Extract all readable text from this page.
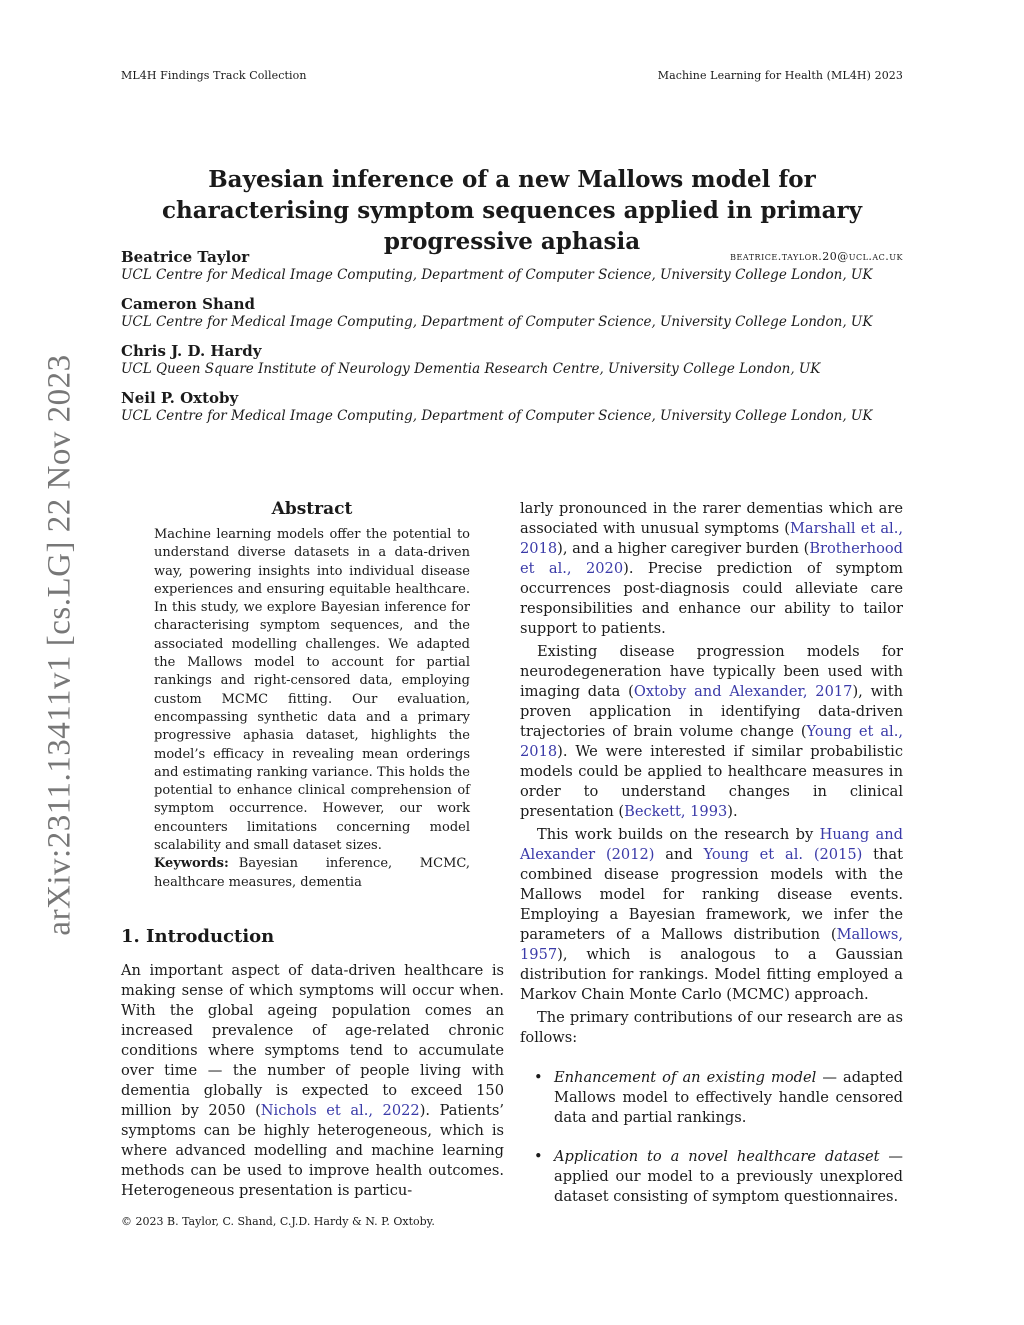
ML4H Findings Track Collection	Machine Learning for Health (ML4H) 2023
arXiv:2311.13411v1 [cs.LG] 22 Nov 2023
Bayesian inference of a new Mallows model for characterising symptom sequences applied in primary progressive aphasia
Beatrice Taylor	beatrice.taylor.20@ucl.ac.uk
UCL Centre for Medical Image Computing, Department of Computer Science, University College London, UK
Cameron Shand
UCL Centre for Medical Image Computing, Department of Computer Science, University College London, UK
Chris J. D. Hardy
UCL Queen Square Institute of Neurology Dementia Research Centre, University College London, UK
Neil P. Oxtoby
UCL Centre for Medical Image Computing, Department of Computer Science, University College London, UK
Abstract

Machine learning models offer the potential to understand diverse datasets in a data-driven way, powering insights into individual disease experiences and ensuring equitable healthcare. In this study, we explore Bayesian inference for characterising symptom sequences, and the associated modelling challenges. We adapted the Mallows model to account for partial rankings and right-censored data, employing custom MCMC fitting. Our evaluation, encompassing synthetic data and a primary progressive aphasia dataset, highlights the model’s efficacy in revealing mean orderings and estimating ranking variance. This holds the potential to enhance clinical comprehension of symptom occurrence. However, our work encounters limitations concerning model scalability and small dataset sizes.

Keywords: Bayesian inference, MCMC, healthcare measures, dementia
1. Introduction

An important aspect of data-driven healthcare is making sense of which symptoms will occur when. With the global ageing population comes an increased prevalence of age-related chronic conditions where symptoms tend to accumulate over time — the number of people living with dementia globally is expected to exceed 150 million by 2050 (Nichols et al., 2022). Patients’ symptoms can be highly heterogeneous, which is where advanced modelling and machine learning methods can be used to improve health outcomes. Heterogeneous presentation is particu-

larly pronounced in the rarer dementias which are associated with unusual symptoms (Marshall et al., 2018), and a higher caregiver burden (Brotherhood et al., 2020). Precise prediction of symptom occurrences post-diagnosis could alleviate care responsibilities and enhance our ability to tailor support to patients.

Existing disease progression models for neurodegeneration have typically been used with imaging data (Oxtoby and Alexander, 2017), with proven application in identifying data-driven trajectories of brain volume change (Young et al., 2018). We were interested if similar probabilistic models could be applied to healthcare measures in order to understand changes in clinical presentation (Beckett, 1993).

This work builds on the research by Huang and Alexander (2012) and Young et al. (2015) that combined disease progression models with the Mallows model for ranking disease events. Employing a Bayesian framework, we infer the parameters of a Mallows distribution (Mallows, 1957), which is analogous to a Gaussian distribution for rankings. Model fitting employed a Markov Chain Monte Carlo (MCMC) approach.

The primary contributions of our research are as follows:

• Enhancement of an existing model — adapted Mallows model to effectively handle censored data and partial rankings.
• Application to a novel healthcare dataset — applied our model to a previously unexplored dataset consisting of symptom questionnaires.
© 2023 B. Taylor, C. Shand, C.J.D. Hardy & N. P. Oxtoby.
